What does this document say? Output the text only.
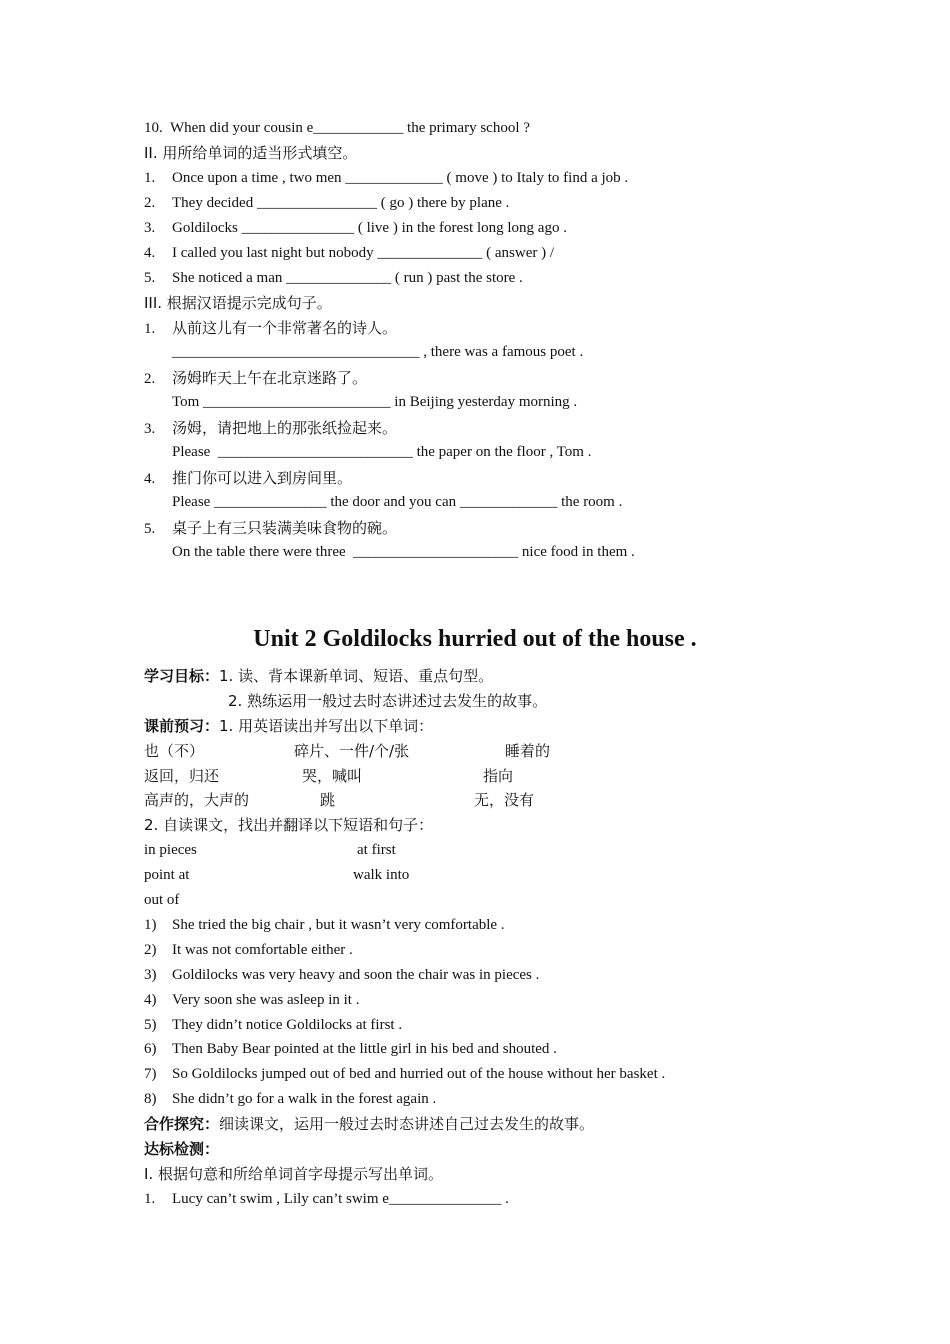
10.  When did your cousin e____________ the primary school ?
II. 用所给单词的适当形式填空。
1. Once upon a time , two men _____________ ( move ) to Italy to find a job .
2. They decided ________________ ( go ) there by plane .
3. Goldilocks _______________ ( live ) in the forest long long ago .
4. I called you last night but nobody ______________ ( answer ) /
5. She noticed a man ______________ ( run ) past the store .
III. 根据汉语提示完成句子。
1. 从前这儿有一个非常著名的诗人。
_________________________________ , there was a famous poet .
2. 汤姆昨天上午在北京迷路了。
Tom _________________________ in Beijing yesterday morning .
3. 汤姆，请把地上的那张纸捡起来。
Please  __________________________ the paper on the floor , Tom .
4. 推门你可以进入到房间里。
Please _______________ the door and you can _____________ the room .
5. 桌子上有三只装满美味食物的碗。
On the table there were three  ______________________ nice food in them .
Unit 2 Goldilocks hurried out of the house .
学习目标：1. 读、背本课新单词、短语、重点句型。
2. 熟练运用一般过去时态讲述过去发生的故事。
课前预习：1. 用英语读出并写出以下单词：
也（不）	碎片、一件/个/张	睡着的
返回，归还	哭，喊叫	指向
高声的，大声的	跳	无，没有
2. 自读课文，找出并翻译以下短语和句子：
in pieces	at first
point at	walk into
out of
1) She tried the big chair , but it wasn’t very comfortable .
2) It was not comfortable either .
3) Goldilocks was very heavy and soon the chair was in pieces .
4) Very soon she was asleep in it .
5) They didn’t notice Goldilocks at first .
6) Then Baby Bear pointed at the little girl in his bed and shouted .
7) So Goldilocks jumped out of bed and hurried out of the house without her basket .
8) She didn’t go for a walk in the forest again .
合作探究：细读课文，运用一般过去时态讲述自己过去发生的故事。
达标检测：
I. 根据句意和所给单词首字母提示写出单词。
1. Lucy can’t swim , Lily can’t swim e_______________ .
